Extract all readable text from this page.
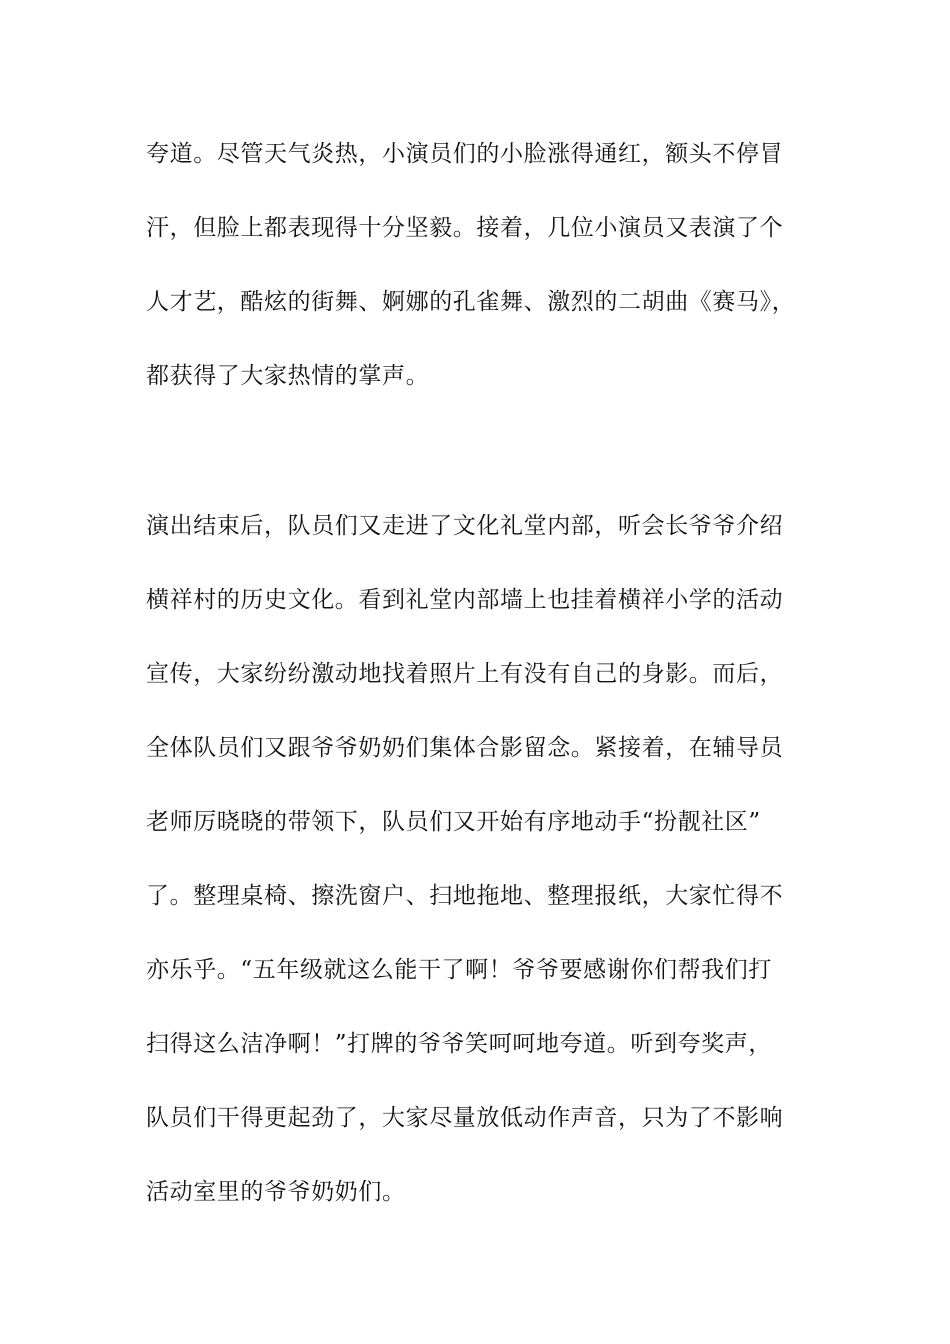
夸道。尽管天气炎热，小演员们的小脸涨得通红，额头不停冒
汗，但脸上都表现得十分坚毅。接着，几位小演员又表演了个
人才艺，酷炫的街舞、婀娜的孔雀舞、激烈的二胡曲《赛马》，
都获得了大家热情的掌声。
演出结束后，队员们又走进了文化礼堂内部，听会长爷爷介绍
横祥村的历史文化。看到礼堂内部墙上也挂着横祥小学的活动
宣传，大家纷纷激动地找着照片上有没有自己的身影。而后，
全体队员们又跟爷爷奶奶们集体合影留念。紧接着，在辅导员
老师厉晓晓的带领下，队员们又开始有序地动手“扮靓社区”
了。整理桌椅、擦洗窗户、扫地拖地、整理报纸，大家忙得不
亦乐乎。“五年级就这么能干了啊！爷爷要感谢你们帮我们打
扫得这么洁净啊！”打牌的爷爷笑呵呵地夸道。听到夸奖声，
队员们干得更起劲了，大家尽量放低动作声音，只为了不影响
活动室里的爷爷奶奶们。
